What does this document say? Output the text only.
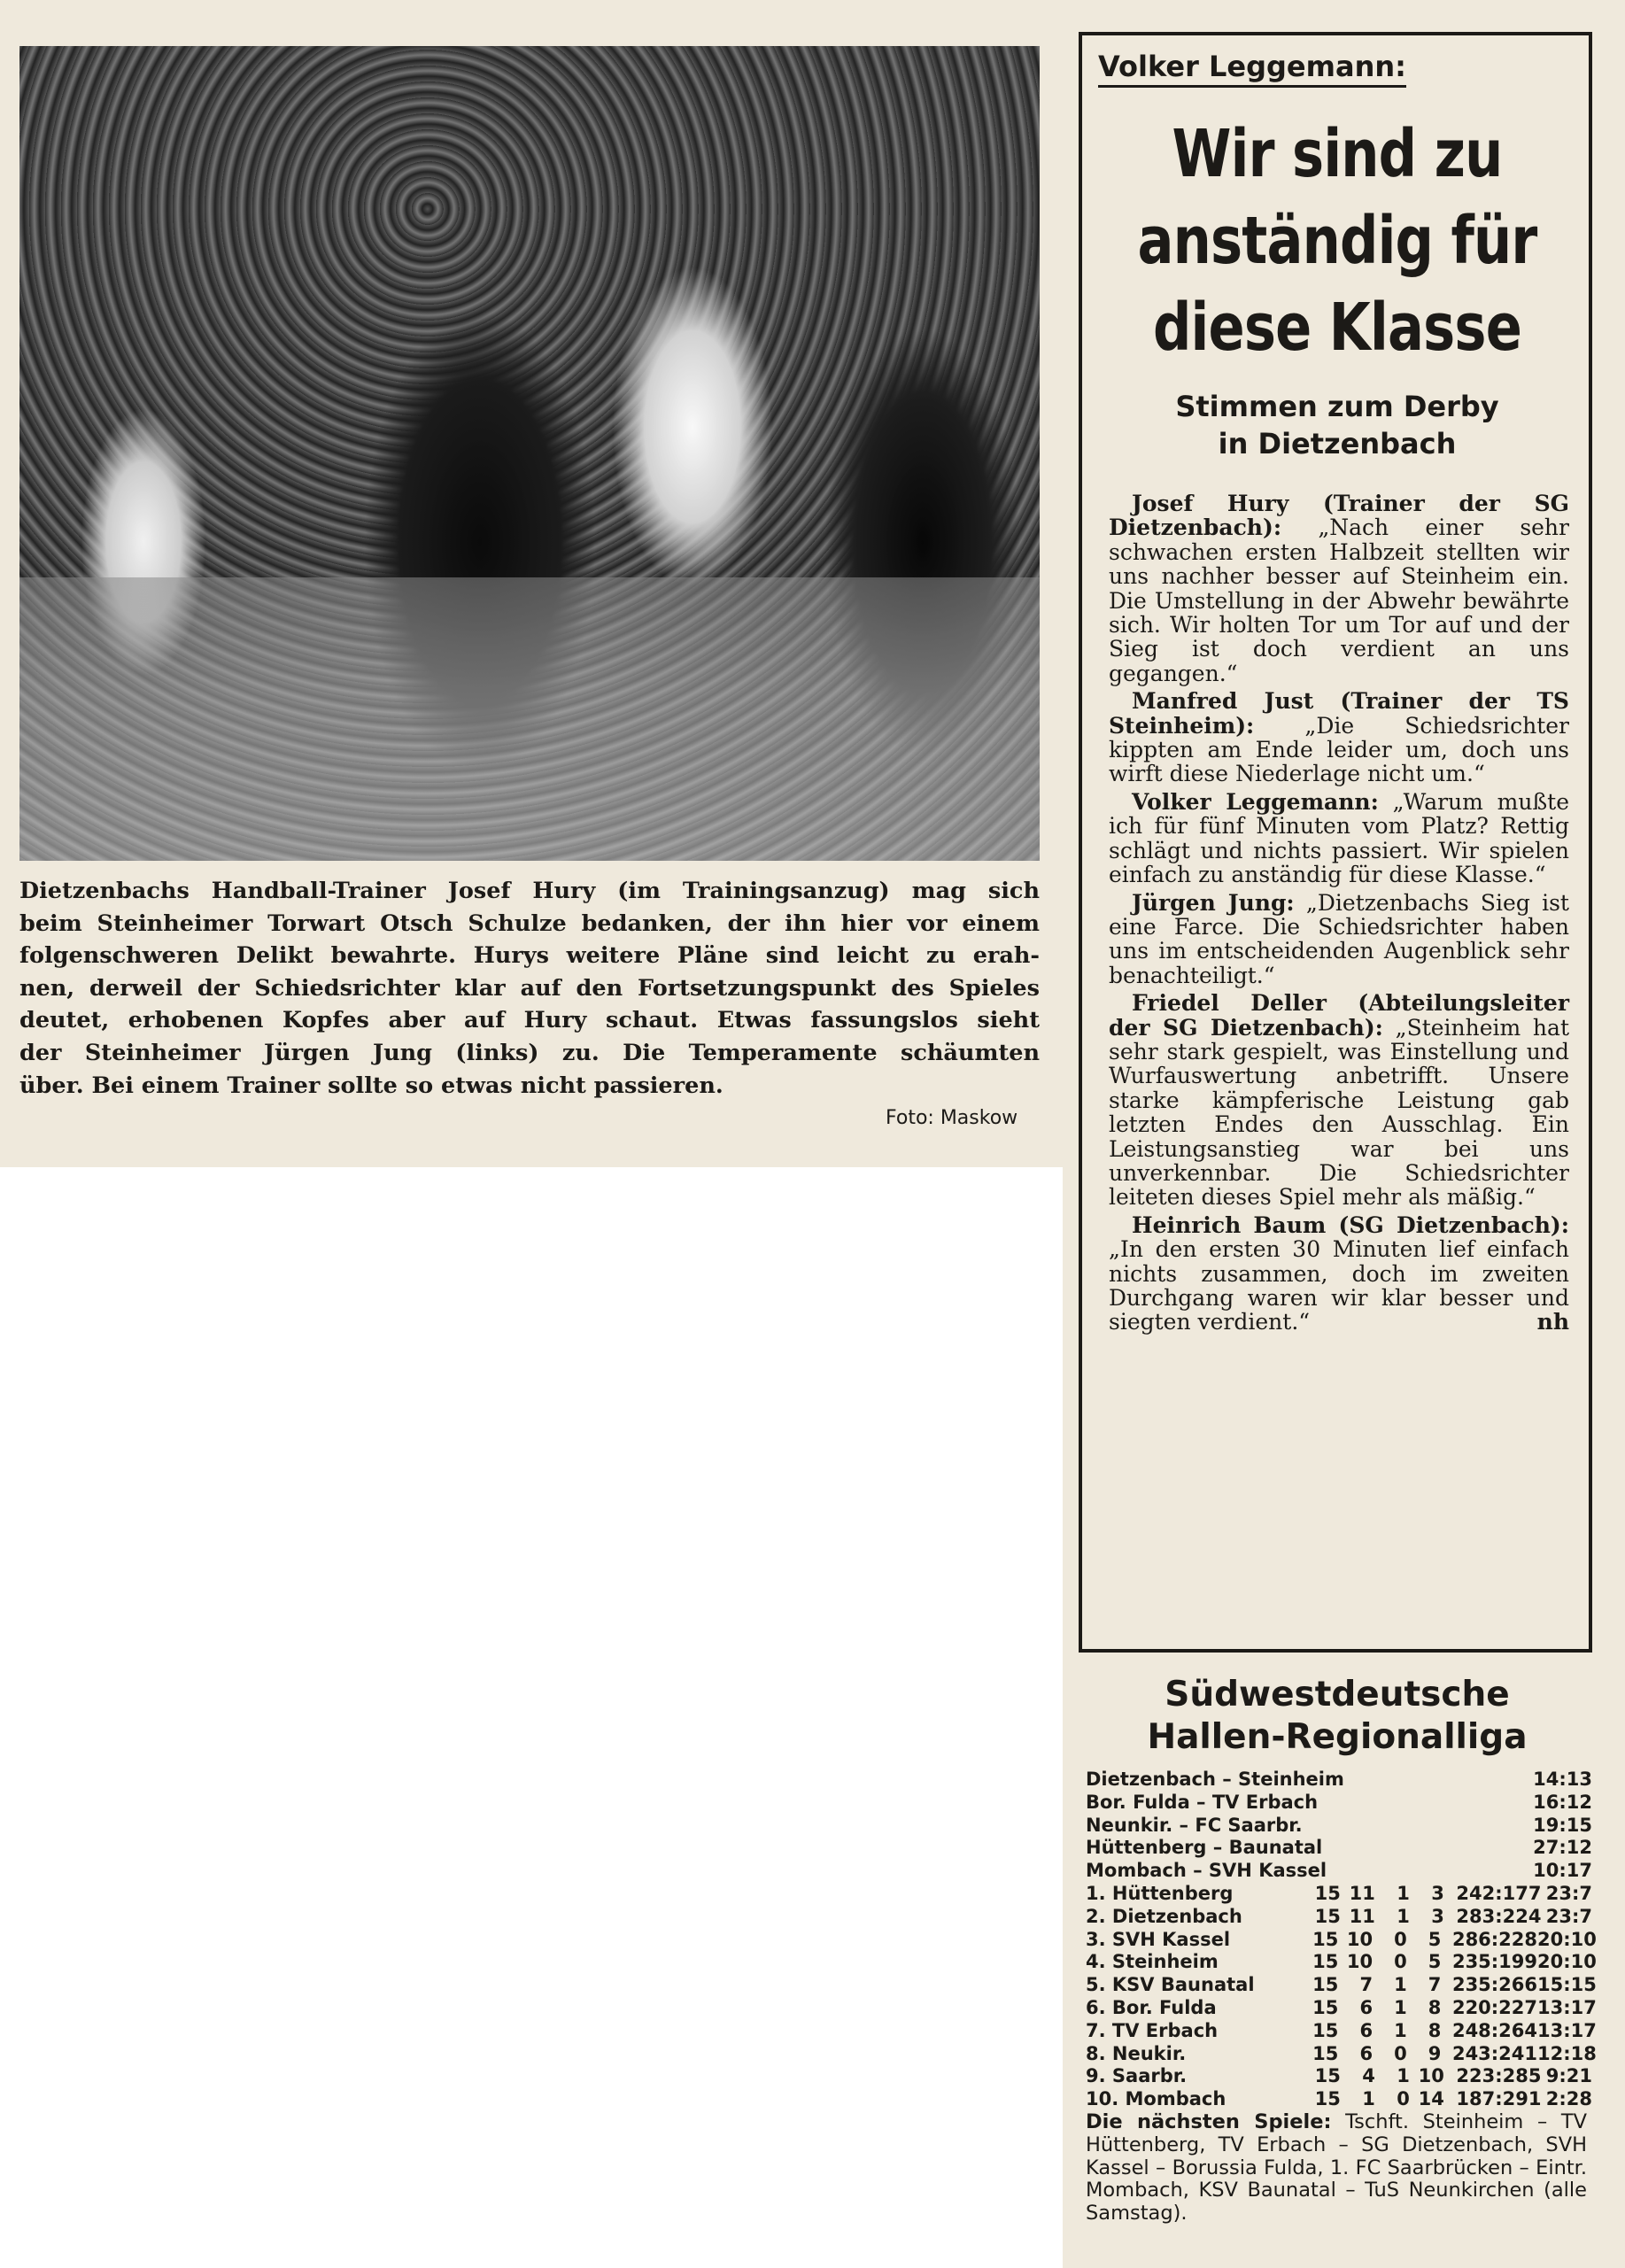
Dietzenbachs Handball-Trainer Josef Hury (im Trainingsanzug) mag sich
beim Steinheimer Torwart Otsch Schulze bedanken, der ihn hier vor einem
folgenschweren Delikt bewahrte. Hurys weitere Pläne sind leicht zu erah-
nen, derweil der Schiedsrichter klar auf den Fortsetzungspunkt des Spieles
deutet, erhobenen Kopfes aber auf Hury schaut. Etwas fassungslos sieht
der Steinheimer Jürgen Jung (links) zu. Die Temperamente schäumten
über. Bei einem Trainer sollte so etwas nicht passieren.
Foto: Maskow
Volker Leggemann:
Wir sind zu
anständig für
diese Klasse
Stimmen zum Derby
in Dietzenbach

Josef Hury (Trainer der SG Dietzenbach): „Nach einer sehr schwachen ersten Halbzeit stellten wir uns nachher besser auf Steinheim ein. Die Umstellung in der Abwehr bewährte sich. Wir holten Tor um Tor auf und der Sieg ist doch verdient an uns gegangen.“

Manfred Just (Trainer der TS Steinheim): „Die Schiedsrichter kippten am Ende leider um, doch uns wirft diese Niederlage nicht um.“

Volker Leggemann: „Warum mußte ich für fünf Minuten vom Platz? Rettig schlägt und nichts passiert. Wir spielen einfach zu anständig für diese Klasse.“

Jürgen Jung: „Dietzenbachs Sieg ist eine Farce. Die Schiedsrichter haben uns im entscheidenden Augenblick sehr benachteiligt.“

Friedel Deller (Abteilungsleiter der SG Dietzenbach): „Steinheim hat sehr stark gespielt, was Einstellung und Wurfauswertung anbetrifft. Unsere starke kämpferische Leistung gab letzten Endes den Ausschlag. Ein Leistungsanstieg war bei uns unverkennbar. Die Schiedsrichter leiteten dieses Spiel mehr als mäßig.“

Heinrich Baum (SG Dietzenbach): „In den ersten 30 Minuten lief einfach nichts zusammen, doch im zweiten Durchgang waren wir klar besser und siegten verdient.“	nh

Südwestdeutsche
Hallen-Regionalliga
Dietzenbach – Steinheim	14:13
Bor. Fulda – TV Erbach	16:12
Neunkir. – FC Saarbr.	19:15
Hüttenberg – Baunatal	27:12
Mombach – SVH Kassel	10:17
1. Hüttenberg	15 11	1	3 242:177 23:7
2. Dietzenbach	15 11	1	3 283:224 23:7
3. SVH Kassel	15 10	0	5 286:228 20:10
4. Steinheim	15 10	0	5 235:199 20:10
5. KSV Baunatal	15	7	1	7 235:266 15:15
6. Bor. Fulda	15	6	1	8 220:227 13:17
7. TV Erbach	15	6	1	8 248:264 13:17
8. Neukir.	15	6	0	9 243:241 12:18
9. Saarbr.	15	4	1 10 223:285 9:21
10. Mombach	15	1	0 14 187:291 2:28
Die nächsten Spiele: Tschft. Steinheim – TV Hüttenberg, TV Erbach – SG Dietzenbach, SVH Kassel – Borussia Fulda, 1. FC Saarbrücken – Eintr. Mombach, KSV Baunatal – TuS Neunkirchen (alle Samstag).
